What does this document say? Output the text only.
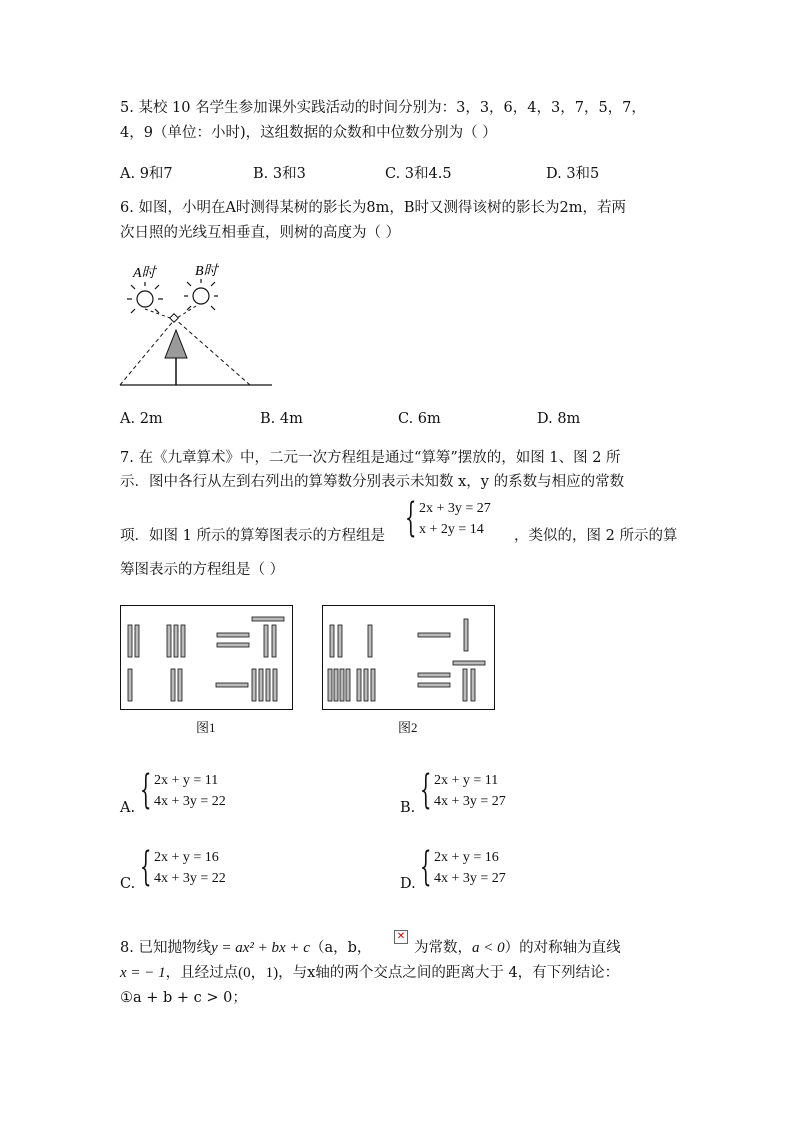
5. 某校 10 名学生参加课外实践活动的时间分别为：3，3，6，4，3，7，5，7，
4，9（单位：小时)，这组数据的众数和中位数分别为（ ）
A. 9和7	B. 3和3	C. 3和4.5	D. 3和5
6. 如图，小明在A时测得某树的影长为8m，B时又测得该树的影长为2m，若两
次日照的光线互相垂直，则树的高度为（ ）
A时	B时
A. 2m	B. 4m	C. 6m	D. 8m
7. 在《九章算术》中，二元一次方程组是通过“算筹”摆放的，如图 1、图 2 所
示．图中各行从左到右列出的算筹数分别表示未知数 x，y 的系数与相应的常数
项．如图 1 所示的算筹图表示的方程组是 { 2x + 3y = 27
x + 2y = 14	，类似的，图 2 所示的算
筹图表示的方程组是（ ）
图1	图2
A. { 2x + y = 11
4x + 3y = 22	B. { 2x + y = 11
4x + 3y = 27
C. { 2x + y = 16
4x + 3y = 22	D. { 2x + y = 16
4x + 3y = 27
8. 已知抛物线y = ax² + bx + c（a，b，
✕
为常数，a < 0）的对称轴为直线
x = − 1，且经过点(0，1)，与x轴的两个交点之间的距离大于 4，有下列结论：
①a + b + c > 0；
